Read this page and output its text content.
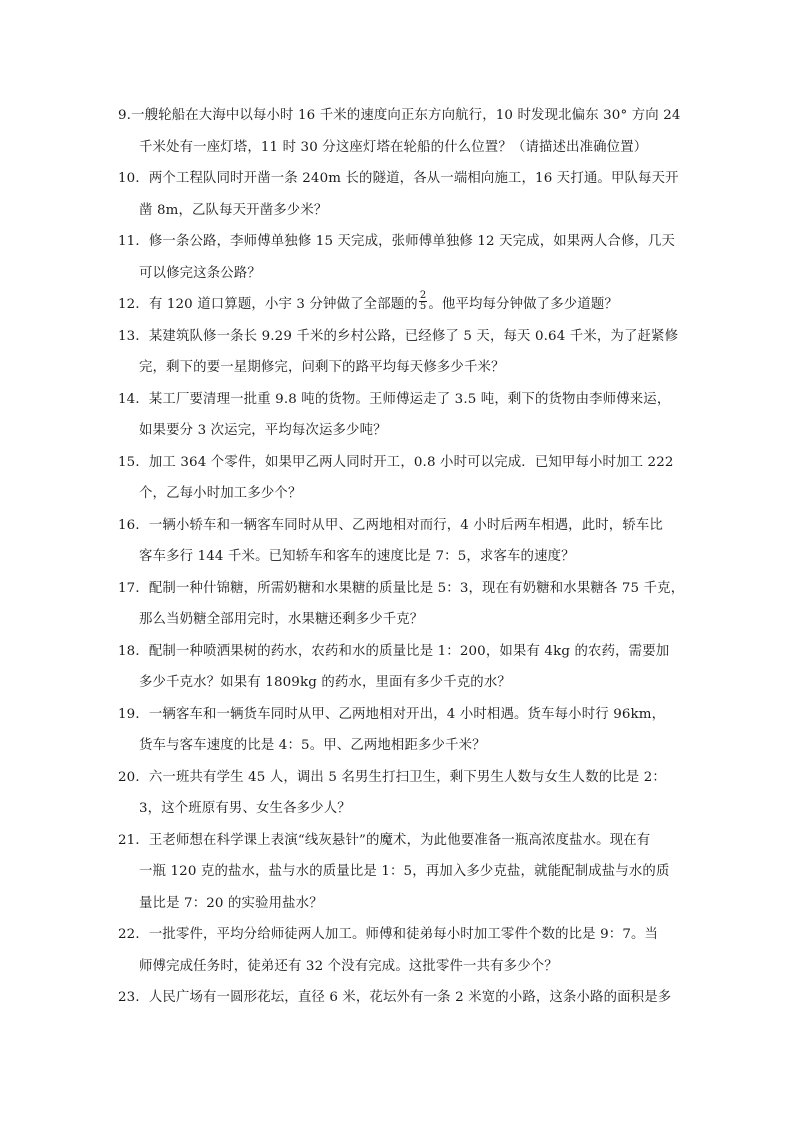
9.一艘轮船在大海中以每小时 16 千米的速度向正东方向航行，10 时发现北偏东 30° 方向 24
千米处有一座灯塔，11 时 30 分这座灯塔在轮船的什么位置？（请描述出准确位置）
10．两个工程队同时开凿一条 240m 长的隧道，各从一端相向施工，16 天打通。甲队每天开
凿 8m，乙队每天开凿多少米？
11．修一条公路，李师傅单独修 15 天完成，张师傅单独修 12 天完成，如果两人合修，几天
可以修完这条公路？
12．有 120 道口算题，小宇 3 分钟做了全部题的 $\frac{2}{5}$ 。他平均每分钟做了多少道题？
13．某建筑队修一条长 9.29 千米的乡村公路，已经修了 5 天，每天 0.64 千米，为了赶紧修
完，剩下的要一星期修完，问剩下的路平均每天修多少千米？
14．某工厂要清理一批重 9.8 吨的货物。王师傅运走了 3.5 吨，剩下的货物由李师傅来运，
如果要分 3 次运完，平均每次运多少吨？
15．加工 364 个零件，如果甲乙两人同时开工，0.8 小时可以完成．已知甲每小时加工 222
个，乙每小时加工多少个？
16．一辆小轿车和一辆客车同时从甲、乙两地相对而行，4 小时后两车相遇，此时，轿车比
客车多行 144 千米。已知轿车和客车的速度比是 7：5，求客车的速度？
17．配制一种什锦糖，所需奶糖和水果糖的质量比是 5：3，现在有奶糖和水果糖各 75 千克，
那么当奶糖全部用完时，水果糖还剩多少千克？
18．配制一种喷洒果树的药水，农药和水的质量比是 1：200，如果有 4kg 的农药，需要加
多少千克水？如果有 1809kg 的药水，里面有多少千克的水？
19．一辆客车和一辆货车同时从甲、乙两地相对开出，4 小时相遇。货车每小时行 96km，
货车与客车速度的比是 4：5。甲、乙两地相距多少千米？
20．六一班共有学生 45 人，调出 5 名男生打扫卫生，剩下男生人数与女生人数的比是 2：
3，这个班原有男、女生各多少人？
21．王老师想在科学课上表演“线灰悬针”的魔术，为此他要准备一瓶高浓度盐水。现在有
一瓶 120 克的盐水，盐与水的质量比是 1：5，再加入多少克盐，就能配制成盐与水的质
量比是 7：20 的实验用盐水？
22．一批零件，平均分给师徒两人加工。师傅和徒弟每小时加工零件个数的比是 9：7。当
师傅完成任务时，徒弟还有 32 个没有完成。这批零件一共有多少个？
23．人民广场有一圆形花坛，直径 6 米，花坛外有一条 2 米宽的小路，这条小路的面积是多
